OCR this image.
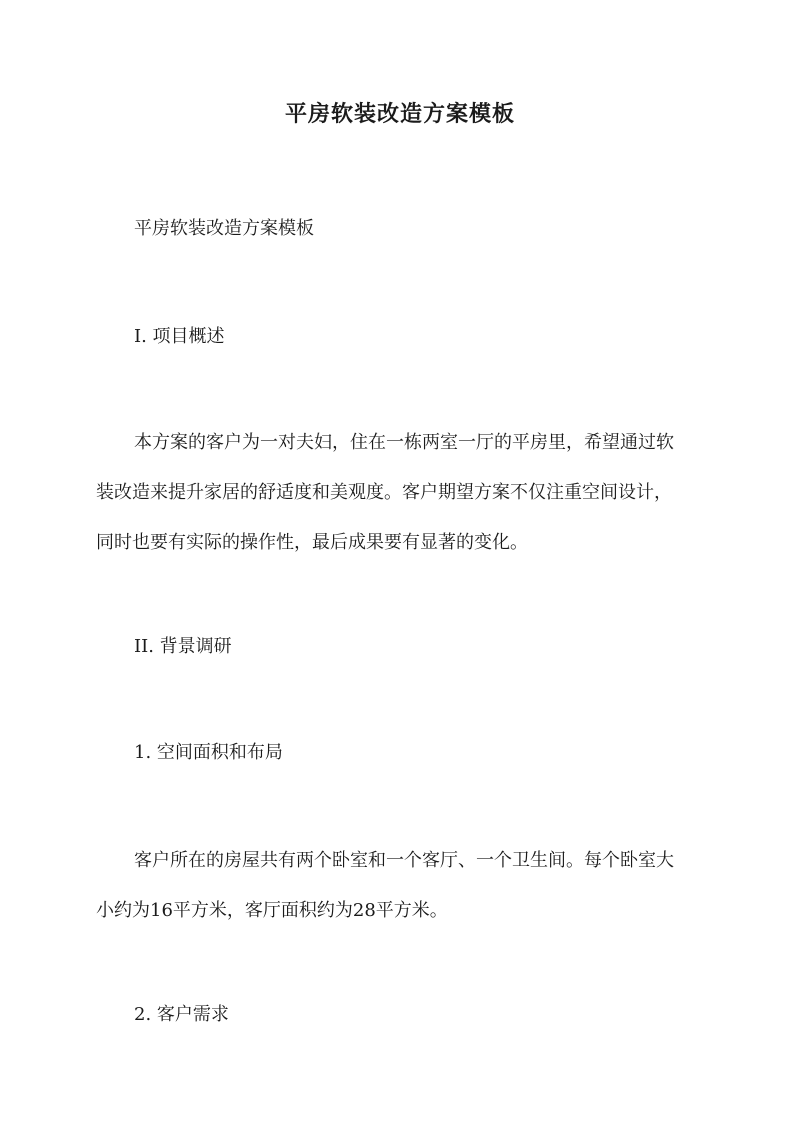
平房软装改造方案模板
平房软装改造方案模板
I. 项目概述
本方案的客户为一对夫妇，住在一栋两室一厅的平房里，希望通过软
装改造来提升家居的舒适度和美观度。客户期望方案不仅注重空间设计，
同时也要有实际的操作性，最后成果要有显著的变化。
II. 背景调研
1. 空间面积和布局
客户所在的房屋共有两个卧室和一个客厅、一个卫生间。每个卧室大
小约为16平方米，客厅面积约为28平方米。
2. 客户需求
